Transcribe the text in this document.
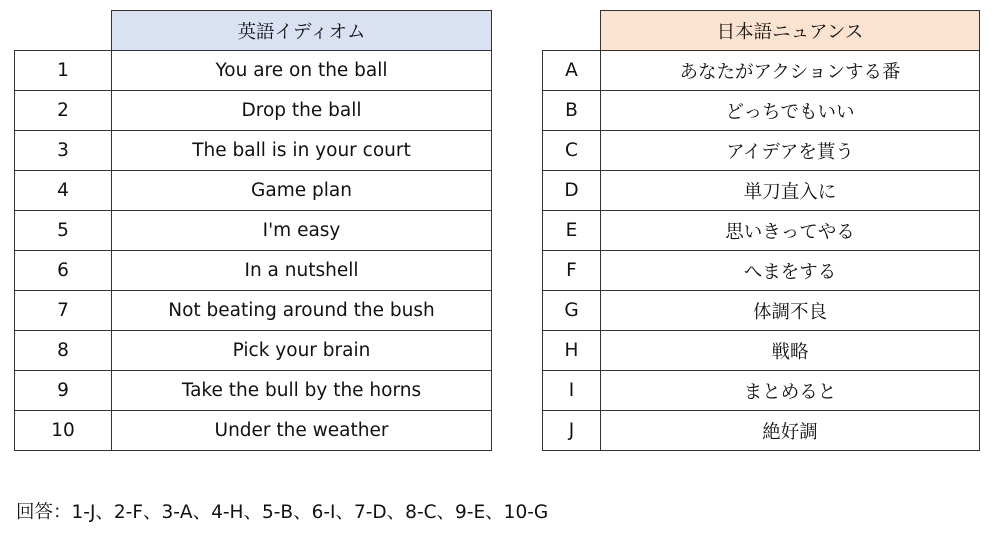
	英語イディオム
1	You are on the ball
2	Drop the ball
3	The ball is in your court
4	Game plan
5	I'm easy
6	In a nutshell
7	Not beating around the bush
8	Pick your brain
9	Take the bull by the horns
10	Under the weather
	日本語ニュアンス
A	あなたがアクションする番
B	どっちでもいい
C	アイデアを貰う
D	単刀直入に
E	思いきってやる
F	へまをする
G	体調不良
H	戦略
I	まとめると
J	絶好調

回答：1-J、2-F、3-A、4-H、5-B、6-I、7-D、8-C、9-E、10-G
